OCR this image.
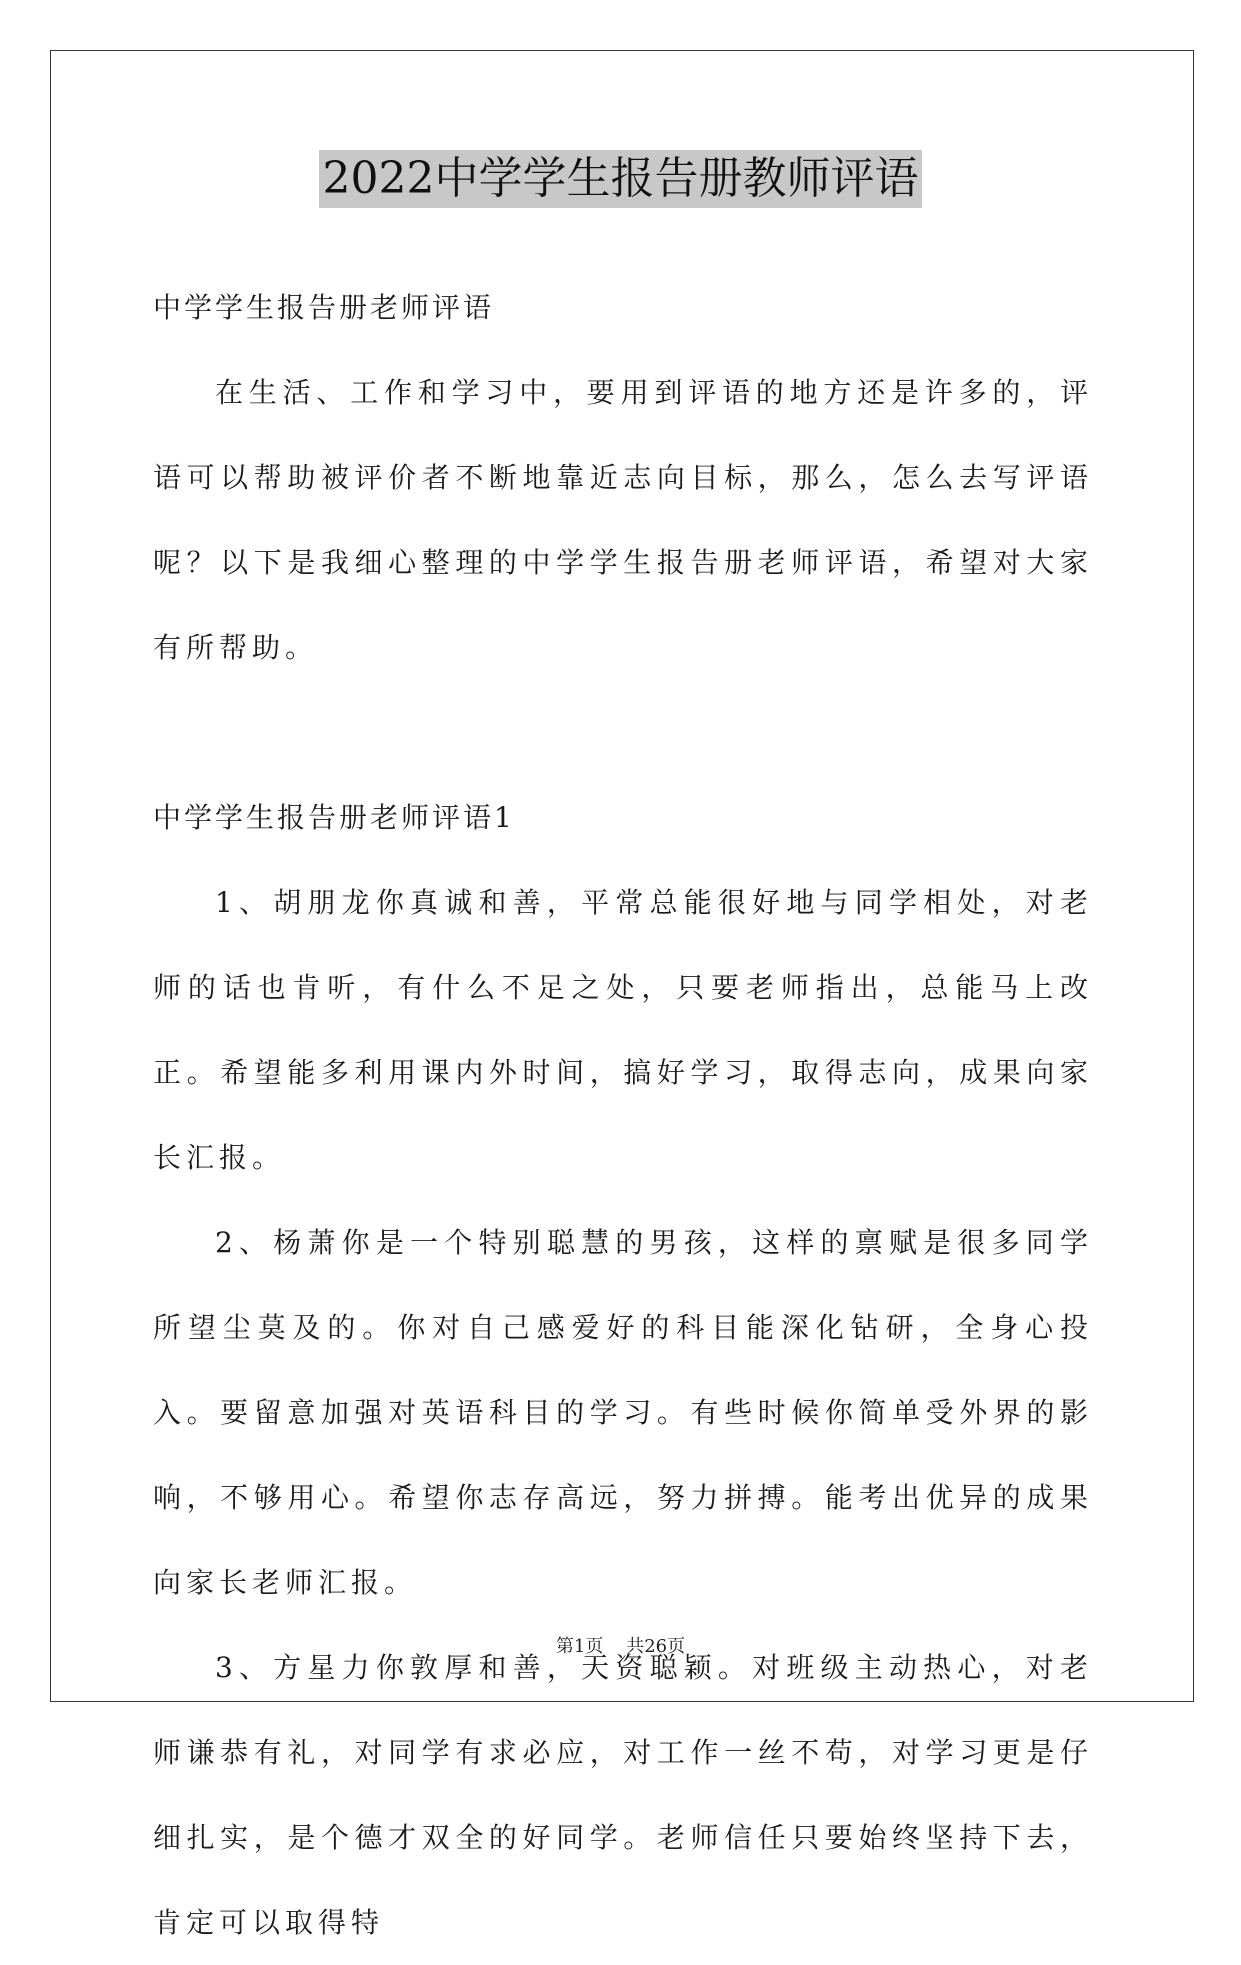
2022中学学生报告册教师评语

中学学生报告册老师评语

在生活、工作和学习中，要用到评语的地方还是许多的，评语可以帮助被评价者不断地靠近志向目标，那么，怎么去写评语呢？以下是我细心整理的中学学生报告册老师评语，希望对大家有所帮助。

中学学生报告册老师评语1

1、胡朋龙你真诚和善，平常总能很好地与同学相处，对老师的话也肯听，有什么不足之处，只要老师指出，总能马上改正。希望能多利用课内外时间，搞好学习，取得志向，成果向家长汇报。

2、杨萧你是一个特别聪慧的男孩，这样的禀赋是很多同学所望尘莫及的。你对自己感爱好的科目能深化钻研，全身心投入。要留意加强对英语科目的学习。有些时候你简单受外界的影响，不够用心。希望你志存高远，努力拼搏。能考出优异的成果向家长老师汇报。

3、方星力你敦厚和善，天资聪颖。对班级主动热心，对老师谦恭有礼，对同学有求必应，对工作一丝不苟，对学习更是仔细扎实，是个德才双全的好同学。老师信任只要始终坚持下去，肯定可以取得特

第1页 共26页
